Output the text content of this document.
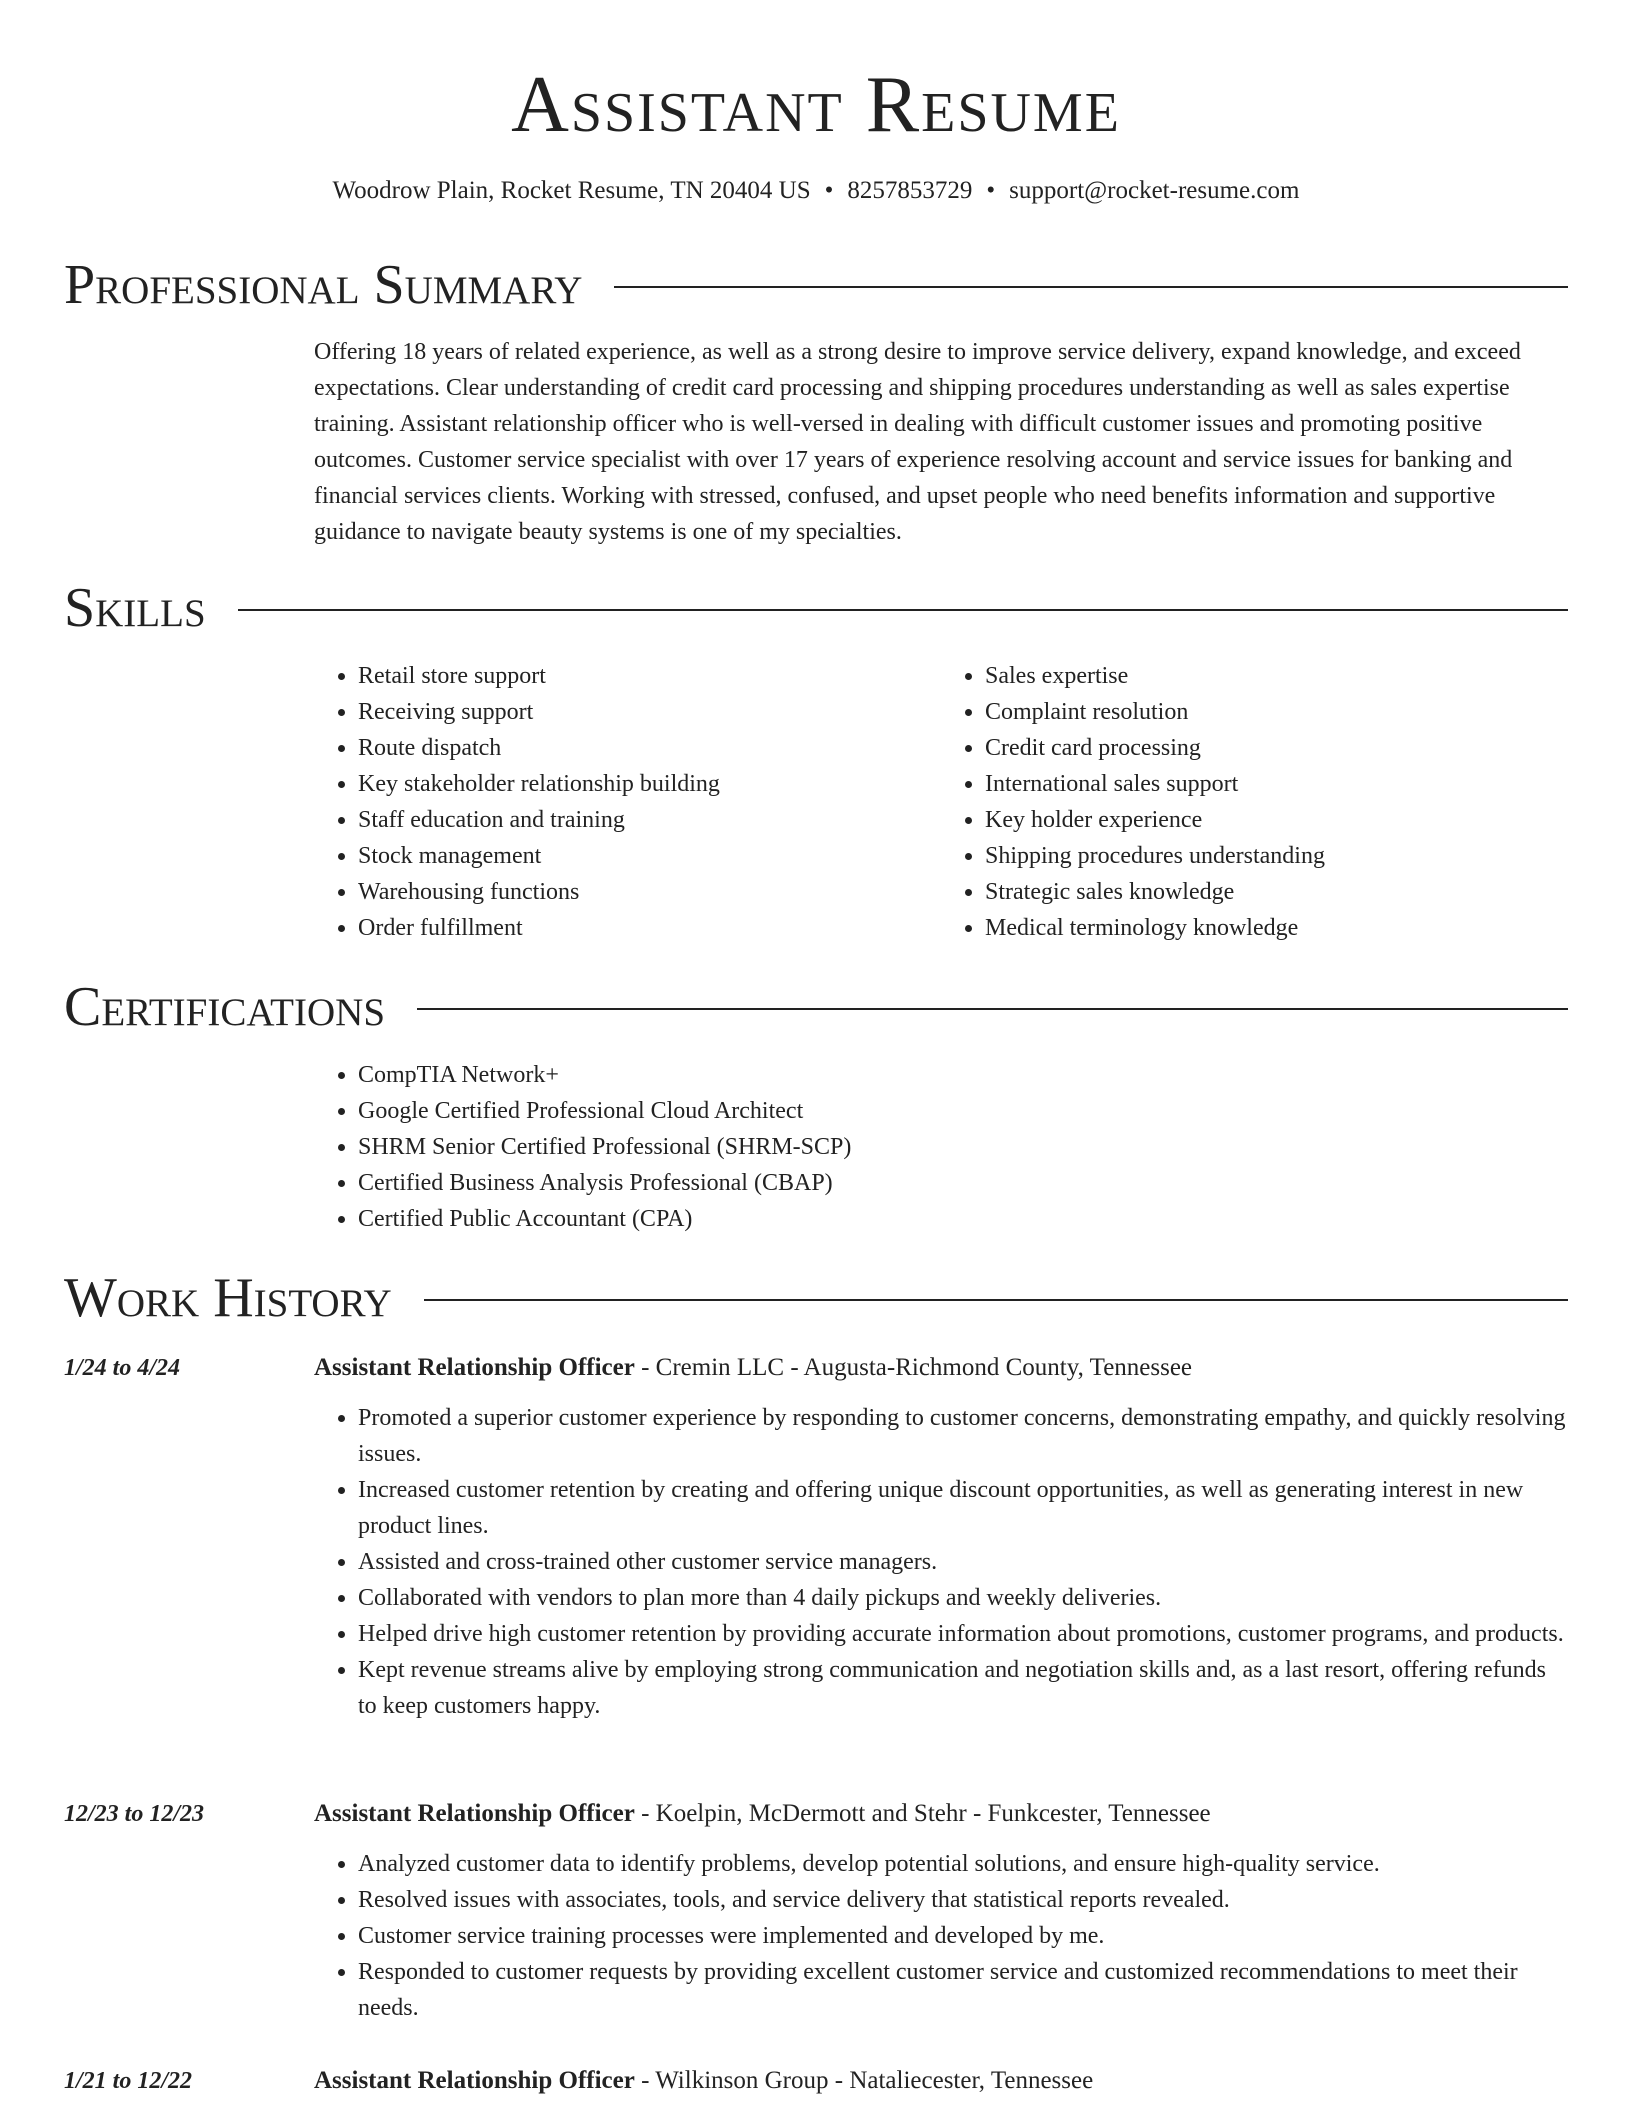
Assistant Resume
Woodrow Plain, Rocket Resume, TN 20404 US • 8257853729 • support@rocket-resume.com
Professional Summary

Offering 18 years of related experience, as well as a strong desire to improve service delivery, expand knowledge, and exceed expectations. Clear understanding of credit card processing and shipping procedures understanding as well as sales expertise training. Assistant relationship officer who is well-versed in dealing with difficult customer issues and promoting positive outcomes. Customer service specialist with over 17 years of experience resolving account and service issues for banking and financial services clients. Working with stressed, confused, and upset people who need benefits information and supportive guidance to navigate beauty systems is one of my specialties.

Skills
• Retail store support
• Receiving support
• Route dispatch
• Key stakeholder relationship building
• Staff education and training
• Stock management
• Warehousing functions
• Order fulfillment
• Sales expertise
• Complaint resolution
• Credit card processing
• International sales support
• Key holder experience
• Shipping procedures understanding
• Strategic sales knowledge
• Medical terminology knowledge
Certifications
• CompTIA Network+
• Google Certified Professional Cloud Architect
• SHRM Senior Certified Professional (SHRM-SCP)
• Certified Business Analysis Professional (CBAP)
• Certified Public Accountant (CPA)
Work History
1/24 to 4/24	Assistant Relationship Officer - Cremin LLC - Augusta-Richmond County, Tennessee
• Promoted a superior customer experience by responding to customer concerns, demonstrating empathy, and quickly resolving issues.
• Increased customer retention by creating and offering unique discount opportunities, as well as generating interest in new product lines.
• Assisted and cross-trained other customer service managers.
• Collaborated with vendors to plan more than 4 daily pickups and weekly deliveries.
• Helped drive high customer retention by providing accurate information about promotions, customer programs, and products.
• Kept revenue streams alive by employing strong communication and negotiation skills and, as a last resort, offering refunds to keep customers happy.
12/23 to 12/23	Assistant Relationship Officer - Koelpin, McDermott and Stehr - Funkcester, Tennessee
• Analyzed customer data to identify problems, develop potential solutions, and ensure high-quality service.
• Resolved issues with associates, tools, and service delivery that statistical reports revealed.
• Customer service training processes were implemented and developed by me.
• Responded to customer requests by providing excellent customer service and customized recommendations to meet their needs.
1/21 to 12/22	Assistant Relationship Officer - Wilkinson Group - Nataliecester, Tennessee
